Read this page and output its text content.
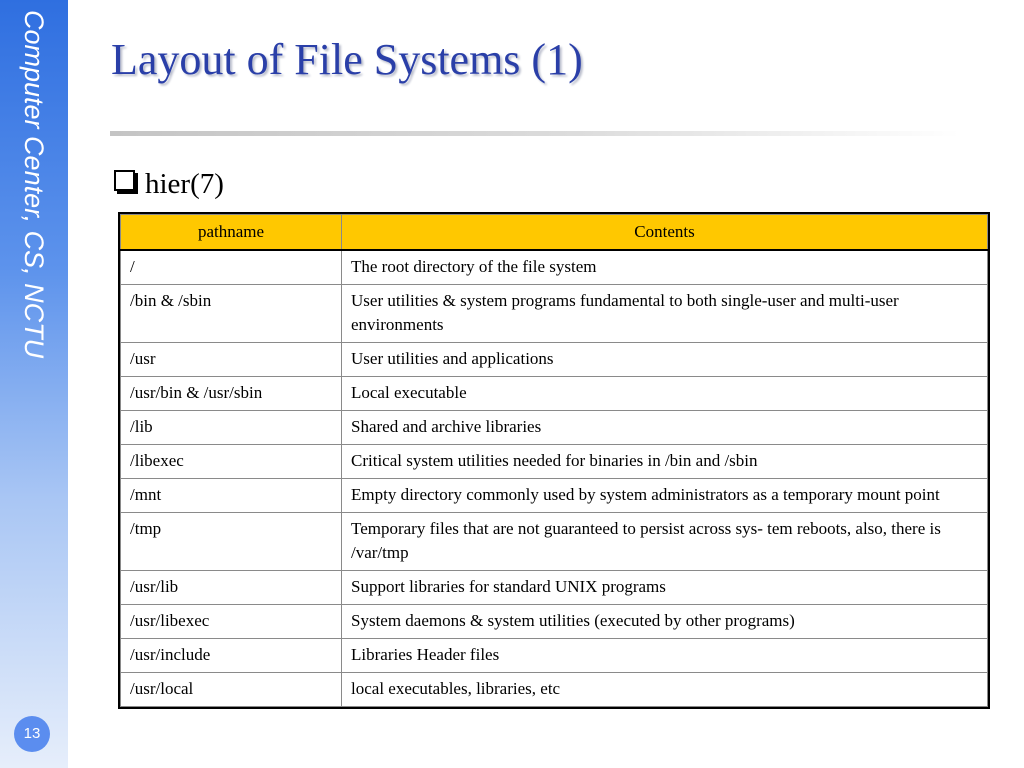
Computer Center, CS, NCTU
13
Layout of File Systems (1)
hier(7)
pathname	Contents
/	The root directory of the file system
/bin & /sbin	User utilities & system programs fundamental to both single-user and multi-user environments
/usr	User utilities and applications
/usr/bin & /usr/sbin	Local executable
/lib	Shared and archive libraries
/libexec	Critical system utilities needed for binaries in /bin and /sbin
/mnt	Empty directory commonly used by system administrators as a temporary mount point
/tmp	Temporary files that are not guaranteed to persist across sys- tem reboots, also, there is /var/tmp
/usr/lib	Support libraries for standard UNIX programs
/usr/libexec	System daemons & system utilities (executed by other programs)
/usr/include	Libraries Header files
/usr/local	local executables, libraries, etc
